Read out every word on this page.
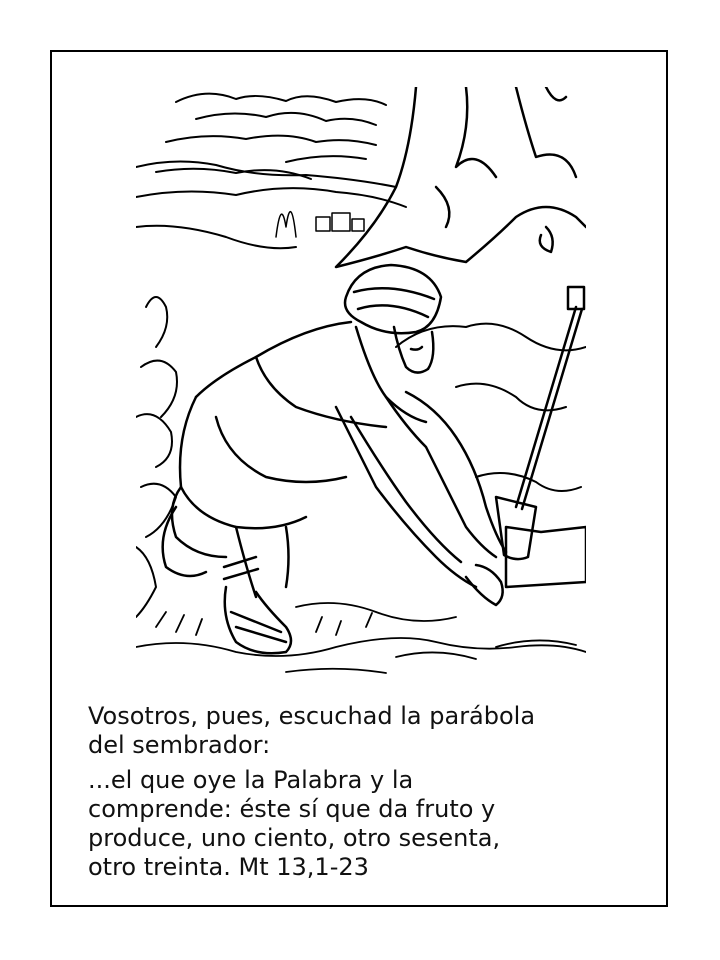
Vosotros, pues, escuchad la parábola
del sembrador:

...el que oye la Palabra y la
comprende: éste sí que da fruto y
produce, uno ciento, otro sesenta,
otro treinta. Mt 13,1-23
